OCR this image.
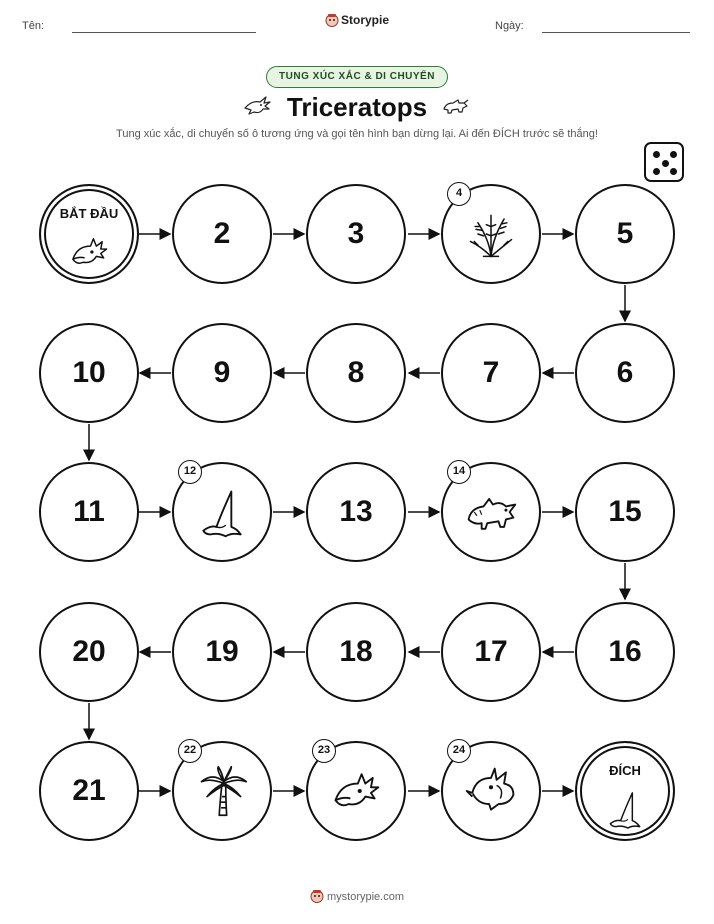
Tên:	Storypie	Ngày:
TUNG XÚC XẮC & DI CHUYỂN
Triceratops
Tung xúc xắc, di chuyển số ô tương ứng và gọi tên hình bạn dừng lại. Ai đến ĐÍCH trước sẽ thắng!
BẮT ĐẦU
2	3
4
5
6
7
8
9
10
11
12
13
14
15
16
17
18
19
20
21
22	23	24
ĐÍCH
mystorypie.com
